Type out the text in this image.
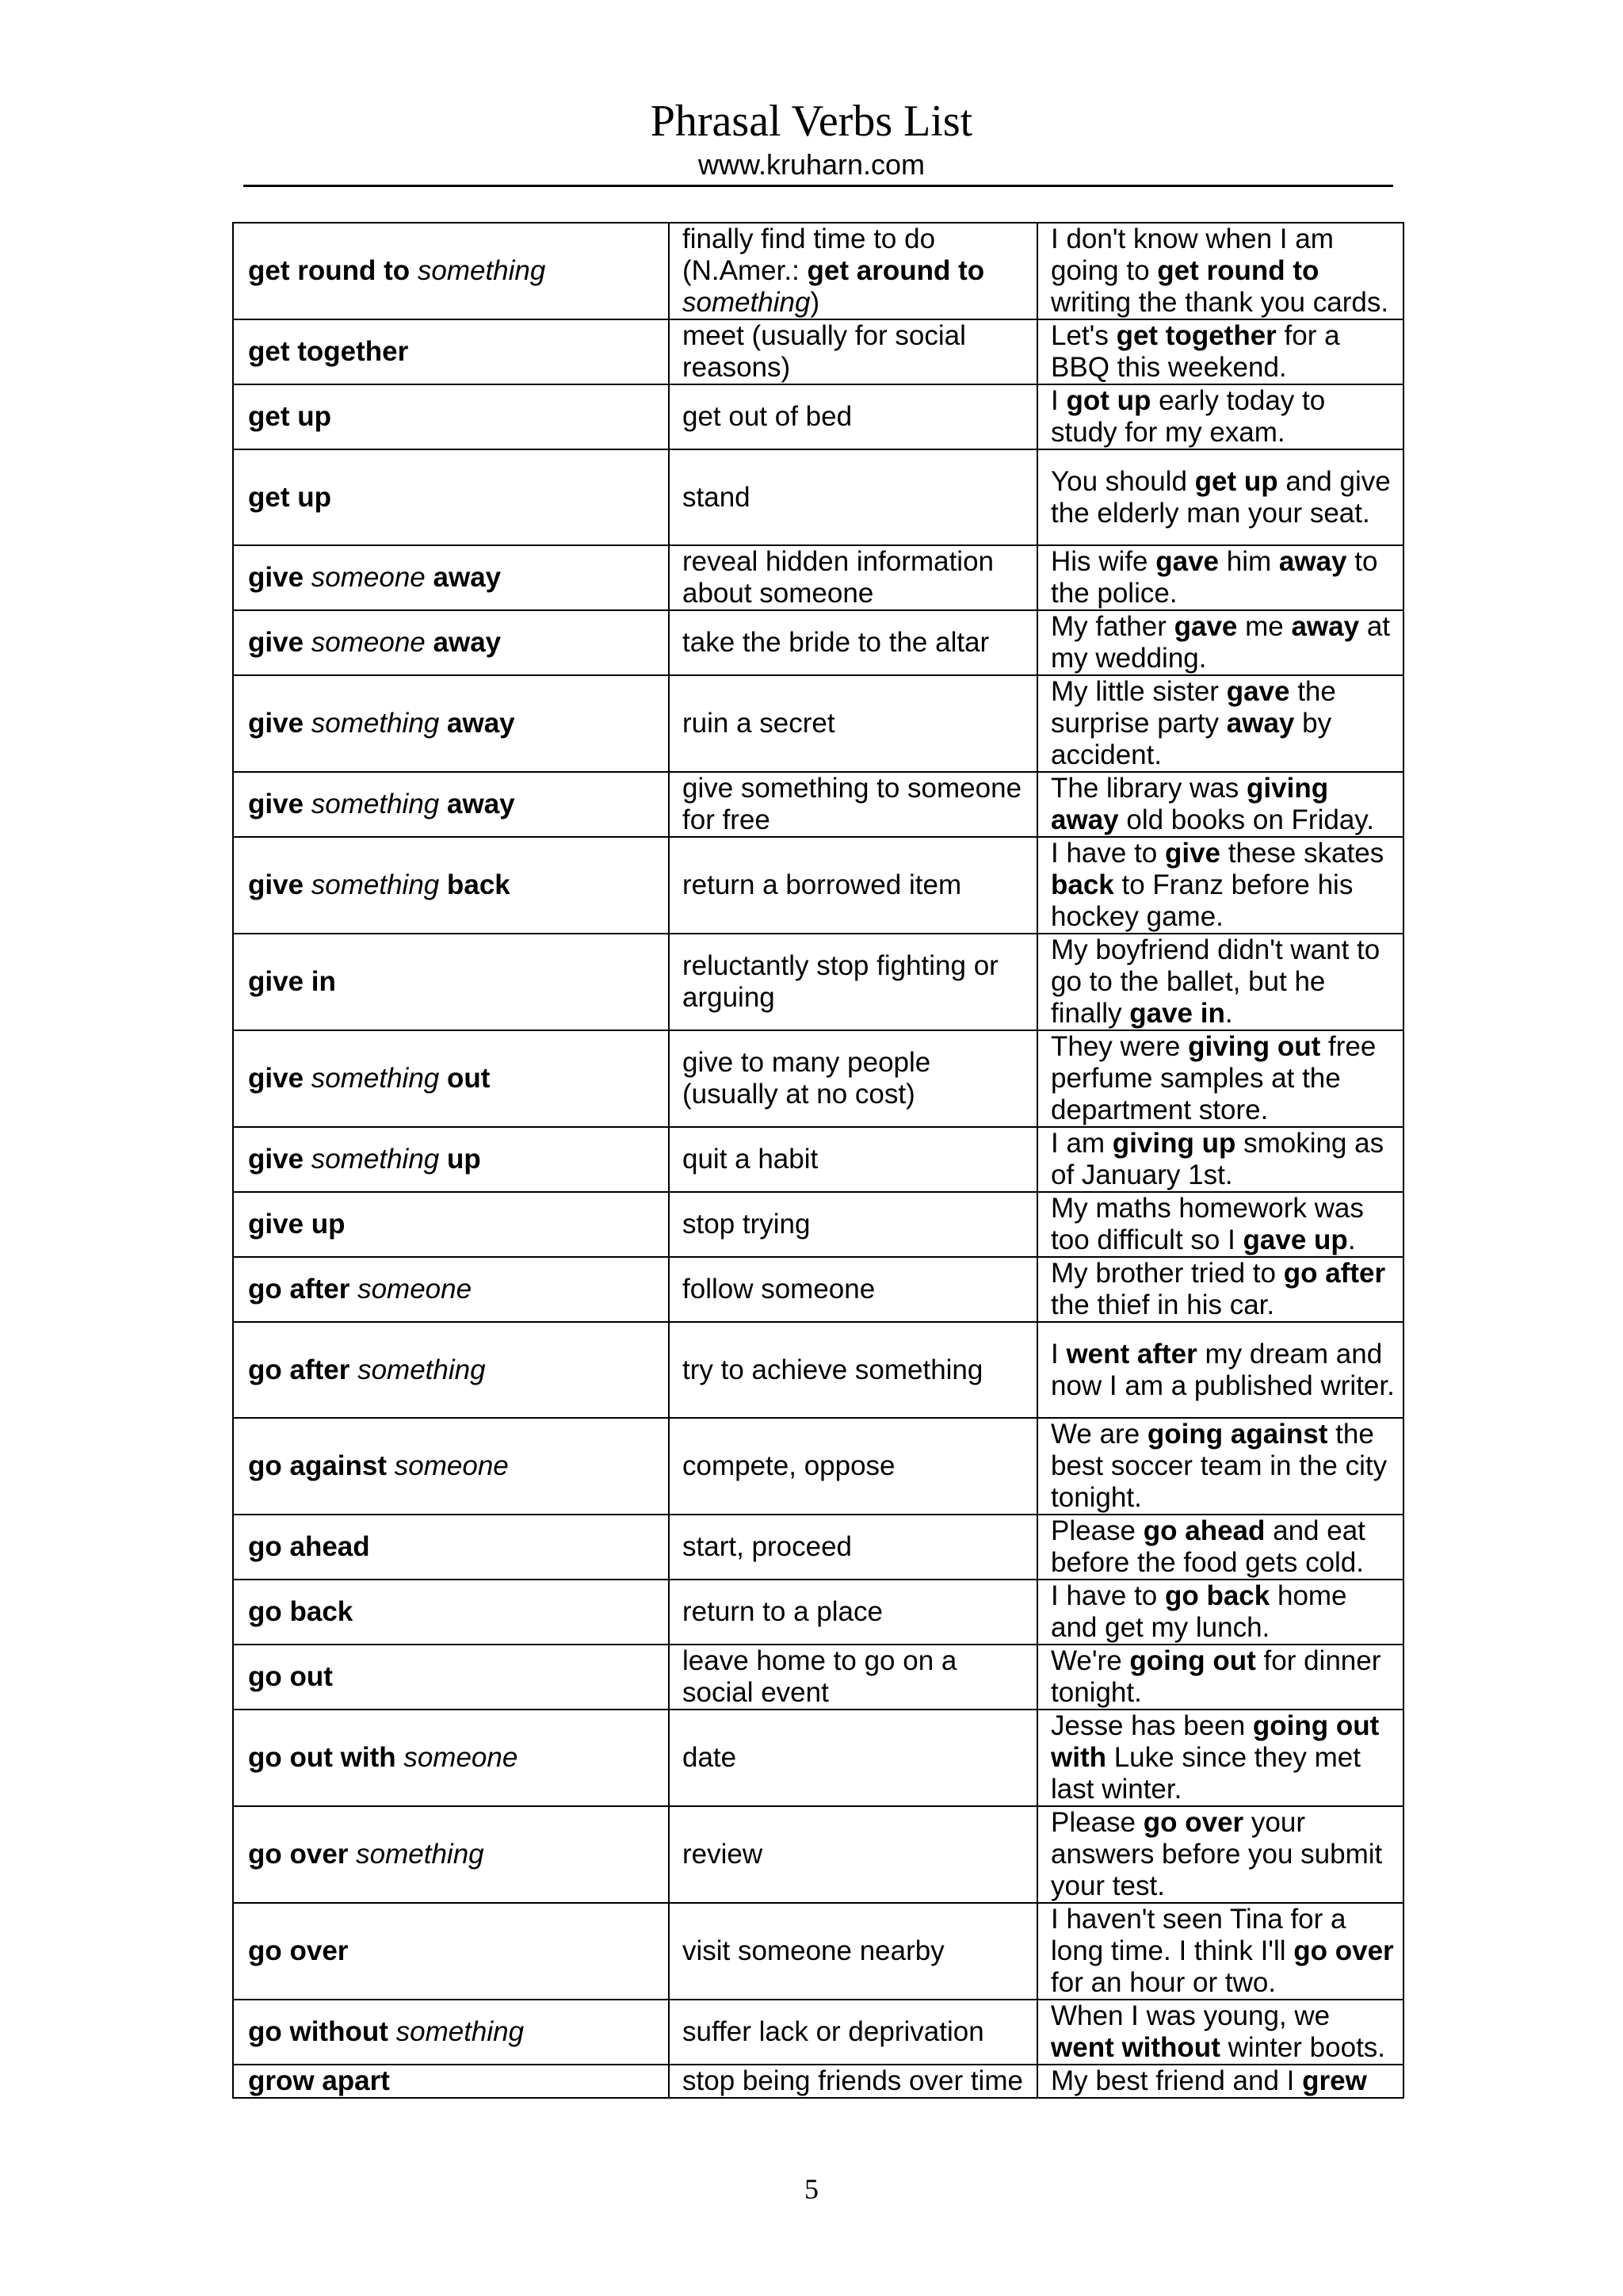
Phrasal Verbs List
www.kruharn.com
get round to something	finally find time to do (N.Amer.: get around to something)	I don't know when I am going to get round to writing the thank you cards.
get together	meet (usually for social reasons)	Let's get together for a BBQ this weekend.
get up	get out of bed	I got up early today to study for my exam.
get up	stand	You should get up and give the elderly man your seat.
give someone away	reveal hidden information about someone	His wife gave him away to the police.
give someone away	take the bride to the altar	My father gave me away at my wedding.
give something away	ruin a secret	My little sister gave the surprise party away by accident.
give something away	give something to someone for free	The library was giving away old books on Friday.
give something back	return a borrowed item	I have to give these skates back to Franz before his hockey game.
give in	reluctantly stop fighting or arguing	My boyfriend didn't want to go to the ballet, but he finally gave in.
give something out	give to many people (usually at no cost)	They were giving out free perfume samples at the department store.
give something up	quit a habit	I am giving up smoking as of January 1st.
give up	stop trying	My maths homework was too difficult so I gave up.
go after someone	follow someone	My brother tried to go after the thief in his car.
go after something	try to achieve something	I went after my dream and now I am a published writer.
go against someone	compete, oppose	We are going against the best soccer team in the city tonight.
go ahead	start, proceed	Please go ahead and eat before the food gets cold.
go back	return to a place	I have to go back home and get my lunch.
go out	leave home to go on a social event	We're going out for dinner tonight.
go out with someone	date	Jesse has been going out with Luke since they met last winter.
go over something	review	Please go over your answers before you submit your test.
go over	visit someone nearby	I haven't seen Tina for a long time. I think I'll go over for an hour or two.
go without something	suffer lack or deprivation	When I was young, we went without winter boots.
grow apart	stop being friends over time	My best friend and I grew
5
